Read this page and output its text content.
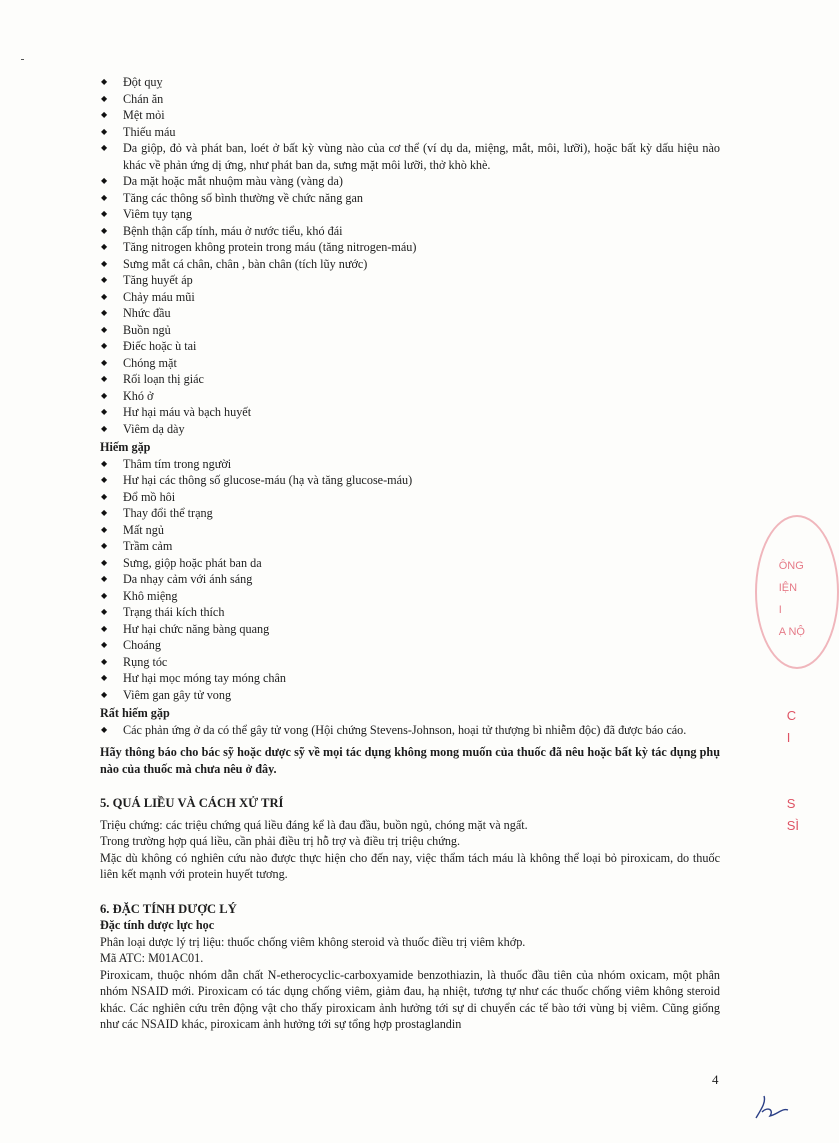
◆ Đột quỵ
◆ Chán ăn
◆ Mệt mỏi
◆ Thiếu máu
◆ Da giộp, đỏ và phát ban, loét ở bất kỳ vùng nào của cơ thể (ví dụ da, miệng, mắt, môi, lưỡi), hoặc bất kỳ dấu hiệu nào khác về phản ứng dị ứng, như phát ban da, sưng mặt môi lưỡi, thở khò khè.
◆ Da mặt hoặc mắt nhuộm màu vàng (vàng da)
◆ Tăng các thông số bình thường về chức năng gan
◆ Viêm tụy tạng
◆ Bệnh thận cấp tính, máu ở nước tiểu, khó đái
◆ Tăng nitrogen không protein trong máu (tăng nitrogen-máu)
◆ Sưng mắt cá chân, chân , bàn chân (tích lũy nước)
◆ Tăng huyết áp
◆ Chảy máu mũi
◆ Nhức đầu
◆ Buồn ngủ
◆ Điếc hoặc ù tai
◆ Chóng mặt
◆ Rối loạn thị giác
◆ Khó ở
◆ Hư hại máu và bạch huyết
◆ Viêm dạ dày
Hiếm gặp
◆ Thâm tím trong người
◆ Hư hại các thông số glucose-máu (hạ và tăng glucose-máu)
◆ Đổ mồ hôi
◆ Thay đổi thể trạng
◆ Mất ngủ
◆ Trầm cảm
◆ Sưng, giộp hoặc phát ban da
◆ Da nhạy cảm với ánh sáng
◆ Khô miệng
◆ Trạng thái kích thích
◆ Hư hại chức năng bàng quang
◆ Choáng
◆ Rụng tóc
◆ Hư hại mọc móng tay móng chân
◆ Viêm gan gây tử vong
Rất hiếm gặp
◆ Các phản ứng ở da có thể gây tử vong (Hội chứng Stevens-Johnson, hoại tử thượng bì nhiễm độc) đã được báo cáo.

Hãy thông báo cho bác sỹ hoặc dược sỹ về mọi tác dụng không mong muốn của thuốc đã nêu hoặc bất kỳ tác dụng phụ nào của thuốc mà chưa nêu ở đây.

5. QUÁ LIỀU VÀ CÁCH XỬ TRÍ

Triệu chứng: các triệu chứng quá liều đáng kể là đau đầu, buồn ngủ, chóng mặt và ngất.

Trong trường hợp quá liều, cần phải điều trị hỗ trợ và điều trị triệu chứng.

Mặc dù không có nghiên cứu nào được thực hiện cho đến nay, việc thẩm tách máu là không thể loại bỏ piroxicam, do thuốc liên kết mạnh với protein huyết tương.

6. ĐẶC TÍNH DƯỢC LÝ
Đặc tính dược lực học

Phân loại dược lý trị liệu: thuốc chống viêm không steroid và thuốc điều trị viêm khớp.

Mã ATC: M01AC01.

Piroxicam, thuộc nhóm dẫn chất N-etherocyclic-carboxyamide benzothiazin, là thuốc đầu tiên của nhóm oxicam, một phân nhóm NSAID mới. Piroxicam có tác dụng chống viêm, giảm đau, hạ nhiệt, tương tự như các thuốc chống viêm không steroid khác. Các nghiên cứu trên động vật cho thấy piroxicam ảnh hưởng tới sự di chuyển các tế bào tới vùng bị viêm. Cũng giống như các NSAID khác, piroxicam ảnh hưởng tới sự tổng hợp prostaglandin

4
ÔNG
IỆN
I
A NỘ
C
I

S
SÌ
